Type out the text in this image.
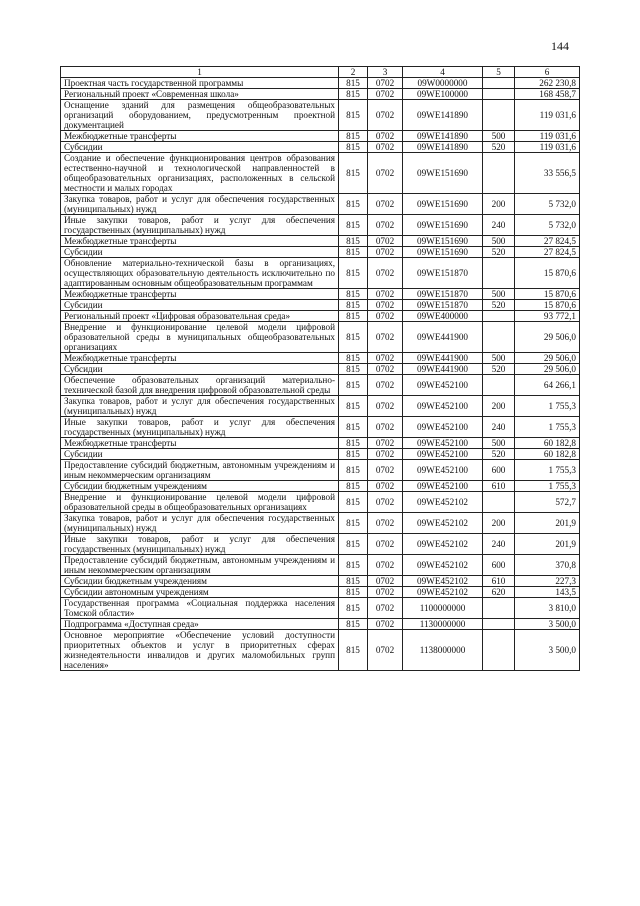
144
1	2	3	4	5	6
Проектная часть государственной программы	815	0702	09W0000000		262 230,8
Региональный проект «Современная школа»	815	0702	09WE100000		168 458,7
Оснащение зданий для размещения общеобразовательных организаций оборудованием, предусмотренным проектной документацией	815	0702	09WE141890		119 031,6
Межбюджетные трансферты	815	0702	09WE141890	500	119 031,6
Субсидии	815	0702	09WE141890	520	119 031,6
Создание и обеспечение функционирования центров образования естественно-научной и технологической направленностей в общеобразовательных организациях, расположенных в сельской местности и малых городах	815	0702	09WE151690		33 556,5
Закупка товаров, работ и услуг для обеспечения государственных (муниципальных) нужд	815	0702	09WE151690	200	5 732,0
Иные закупки товаров, работ и услуг для обеспечения государственных (муниципальных) нужд	815	0702	09WE151690	240	5 732,0
Межбюджетные трансферты	815	0702	09WE151690	500	27 824,5
Субсидии	815	0702	09WE151690	520	27 824,5
Обновление материально-технической базы в организациях, осуществляющих образовательную деятельность исключительно по адаптированным основным общеобразовательным программам	815	0702	09WE151870		15 870,6
Межбюджетные трансферты	815	0702	09WE151870	500	15 870,6
Субсидии	815	0702	09WE151870	520	15 870,6
Региональный проект «Цифровая образовательная среда»	815	0702	09WE400000		93 772,1
Внедрение и функционирование целевой модели цифровой образовательной среды в муниципальных общеобразовательных организациях	815	0702	09WE441900		29 506,0
Межбюджетные трансферты	815	0702	09WE441900	500	29 506,0
Субсидии	815	0702	09WE441900	520	29 506,0
Обеспечение образовательных организаций материально-технической базой для внедрения цифровой образовательной среды	815	0702	09WE452100		64 266,1
Закупка товаров, работ и услуг для обеспечения государственных (муниципальных) нужд	815	0702	09WE452100	200	1 755,3
Иные закупки товаров, работ и услуг для обеспечения государственных (муниципальных) нужд	815	0702	09WE452100	240	1 755,3
Межбюджетные трансферты	815	0702	09WE452100	500	60 182,8
Субсидии	815	0702	09WE452100	520	60 182,8
Предоставление субсидий бюджетным, автономным учреждениям и иным некоммерческим организациям	815	0702	09WE452100	600	1 755,3
Субсидии бюджетным учреждениям	815	0702	09WE452100	610	1 755,3
Внедрение и функционирование целевой модели цифровой образовательной среды в общеобразовательных организациях	815	0702	09WE452102		572,7
Закупка товаров, работ и услуг для обеспечения государственных (муниципальных) нужд	815	0702	09WE452102	200	201,9
Иные закупки товаров, работ и услуг для обеспечения государственных (муниципальных) нужд	815	0702	09WE452102	240	201,9
Предоставление субсидий бюджетным, автономным учреждениям и иным некоммерческим организациям	815	0702	09WE452102	600	370,8
Субсидии бюджетным учреждениям	815	0702	09WE452102	610	227,3
Субсидии автономным учреждениям	815	0702	09WE452102	620	143,5
Государственная программа «Социальная поддержка населения Томской области»	815	0702	1100000000		3 810,0
Подпрограмма «Доступная среда»	815	0702	1130000000		3 500,0
Основное мероприятие «Обеспечение условий доступности приоритетных объектов и услуг в приоритетных сферах жизнедеятельности инвалидов и других маломобильных групп населения»	815	0702	1138000000		3 500,0
